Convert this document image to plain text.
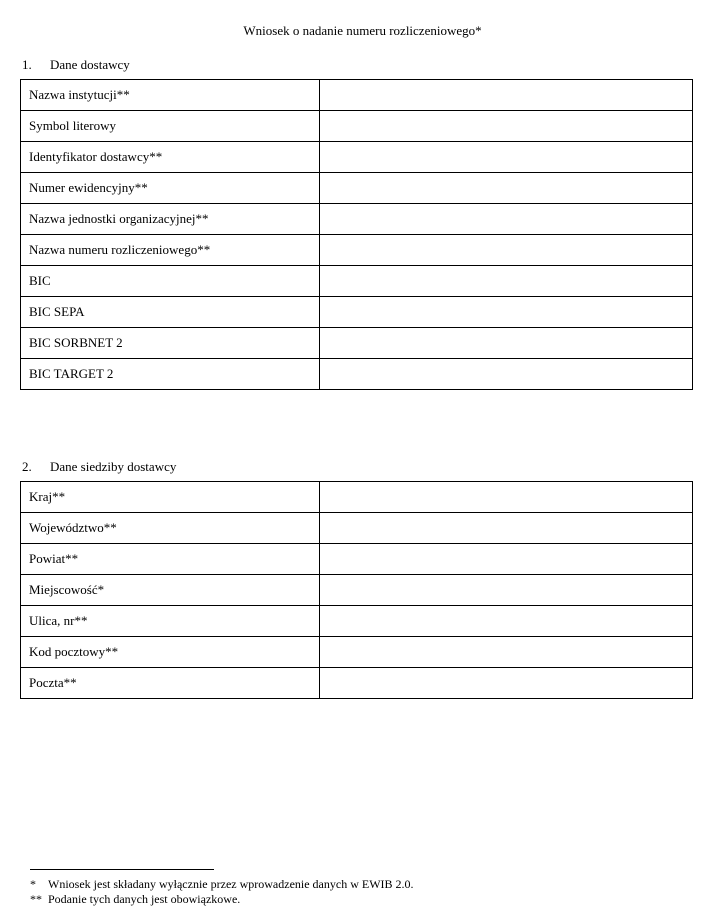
Wniosek o nadanie numeru rozliczeniowego*
1. Dane dostawcy
Nazwa instytucji**	
Symbol literowy	
Identyfikator dostawcy**	
Numer ewidencyjny**	
Nazwa jednostki organizacyjnej**	
Nazwa numeru rozliczeniowego**	
BIC	
BIC SEPA	
BIC SORBNET 2	
BIC TARGET 2	
2. Dane siedziby dostawcy
Kraj**	
Województwo**	
Powiat**	
Miejscowość*	
Ulica, nr**	
Kod pocztowy**	
Poczta**	
* Wniosek jest składany wyłącznie przez wprowadzenie danych w EWIB 2.0.
** Podanie tych danych jest obowiązkowe.
